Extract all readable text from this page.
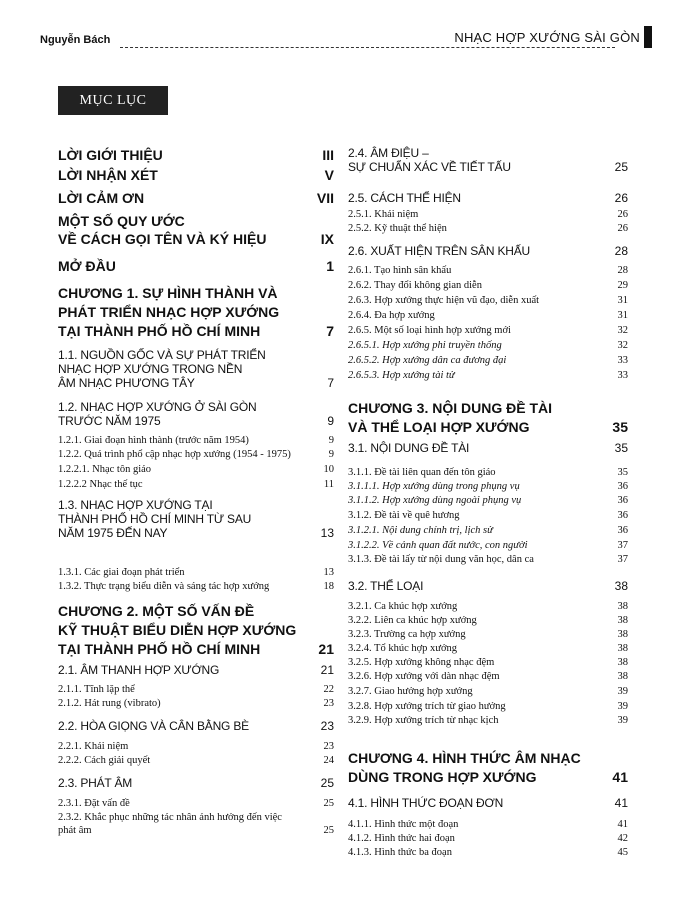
Nguyễn Bách	NHẠC HỢP XƯỚNG SÀI GÒN
MỤC LỤC
LỜI GIỚI THIỆU	III
LỜI NHẬN XÉT	V
LỜI CẢM ƠN	VII
MỘT SỐ QUY ƯỚC
VỀ CÁCH GỌI TÊN VÀ KÝ HIỆU	IX
MỞ ĐẦU	1
CHƯƠNG 1. SỰ HÌNH THÀNH VÀ
PHÁT TRIỂN NHẠC HỢP XƯỚNG
TẠI THÀNH PHỐ HỒ CHÍ MINH	7
1.1. NGUỒN GỐC VÀ SỰ PHÁT TRIỂN
NHẠC HỢP XƯỚNG TRONG NỀN
ÂM NHẠC PHƯƠNG TÂY	7
1.2. NHẠC HỢP XƯỚNG Ở SÀI GÒN
TRƯỚC NĂM 1975	9
1.2.1. Giai đoạn hình thành (trước năm 1954)	9
1.2.2. Quá trình phổ cập nhạc hợp xướng (1954 - 1975)	9
1.2.2.1. Nhạc tôn giáo	10
1.2.2.2 Nhạc thế tục	11
1.3. NHẠC HỢP XƯỚNG TẠI
THÀNH PHỐ HỒ CHÍ MINH TỪ SAU
NĂM 1975 ĐẾN NAY	13
1.3.1. Các giai đoạn phát triển	13
1.3.2. Thực trạng biểu diễn và sáng tác hợp xướng	18
CHƯƠNG 2. MỘT SỐ VẤN ĐỀ
KỸ THUẬT BIỂU DIỄN HỢP XƯỚNG
TẠI THÀNH PHỐ HỒ CHÍ MINH	21
2.1. ÂM THANH HỢP XƯỚNG	21
2.1.1. Tĩnh lặp thể	22
2.1.2. Hát rung (vibrato)	23
2.2. HÒA GIỌNG VÀ CÂN BẰNG BÈ	23
2.2.1. Khái niệm	23
2.2.2. Cách giải quyết	24
2.3. PHÁT ÂM	25
2.3.1. Đặt vấn đề	25
2.3.2. Khắc phục những tác nhân ảnh hưởng đến việc
phát âm	25
2.4. ÂM ĐIỆU –
SỰ CHUẨN XÁC VỀ TIẾT TẤU	25
2.5. CÁCH THỂ HIỆN	26
2.5.1. Khái niệm	26
2.5.2. Kỹ thuật thể hiện	26
2.6. XUẤT HIỆN TRÊN SÂN KHẤU	28
2.6.1. Tạo hình sân khấu	28
2.6.2. Thay đổi không gian diễn	29
2.6.3. Hợp xướng thực hiện vũ đạo, diễn xuất	31
2.6.4. Đa hợp xướng	31
2.6.5. Một số loại hình hợp xướng mới	32
2.6.5.1. Hợp xướng phi truyền thống	32
2.6.5.2. Hợp xướng dân ca đương đại	33
2.6.5.3. Hợp xướng tài tử	33
CHƯƠNG 3. NỘI DUNG ĐỀ TÀI
VÀ THỂ LOẠI HỢP XƯỚNG	35
3.1. NỘI DUNG ĐỀ TÀI	35
3.1.1. Đề tài liên quan đến tôn giáo	35
3.1.1.1. Hợp xướng dùng trong phụng vụ	36
3.1.1.2. Hợp xướng dùng ngoài phụng vụ	36
3.1.2. Đề tài về quê hương	36
3.1.2.1. Nội dung chính trị, lịch sử	36
3.1.2.2. Về cảnh quan đất nước, con người	37
3.1.3. Đề tài lấy từ nội dung văn học, dân ca	37
3.2. THỂ LOẠI	38
3.2.1. Ca khúc hợp xướng	38
3.2.2. Liên ca khúc hợp xướng	38
3.2.3. Trường ca hợp xướng	38
3.2.4. Tổ khúc hợp xướng	38
3.2.5. Hợp xướng không nhạc đệm	38
3.2.6. Hợp xướng với dàn nhạc đệm	38
3.2.7. Giao hưởng hợp xướng	39
3.2.8. Hợp xướng trích từ giao hưởng	39
3.2.9. Hợp xướng trích từ nhạc kịch	39
CHƯƠNG 4. HÌNH THỨC ÂM NHẠC
DÙNG TRONG HỢP XƯỚNG	41
4.1. HÌNH THỨC ĐOẠN ĐƠN	41
4.1.1. Hình thức một đoạn	41
4.1.2. Hình thức hai đoạn	42
4.1.3. Hình thức ba đoạn	45
